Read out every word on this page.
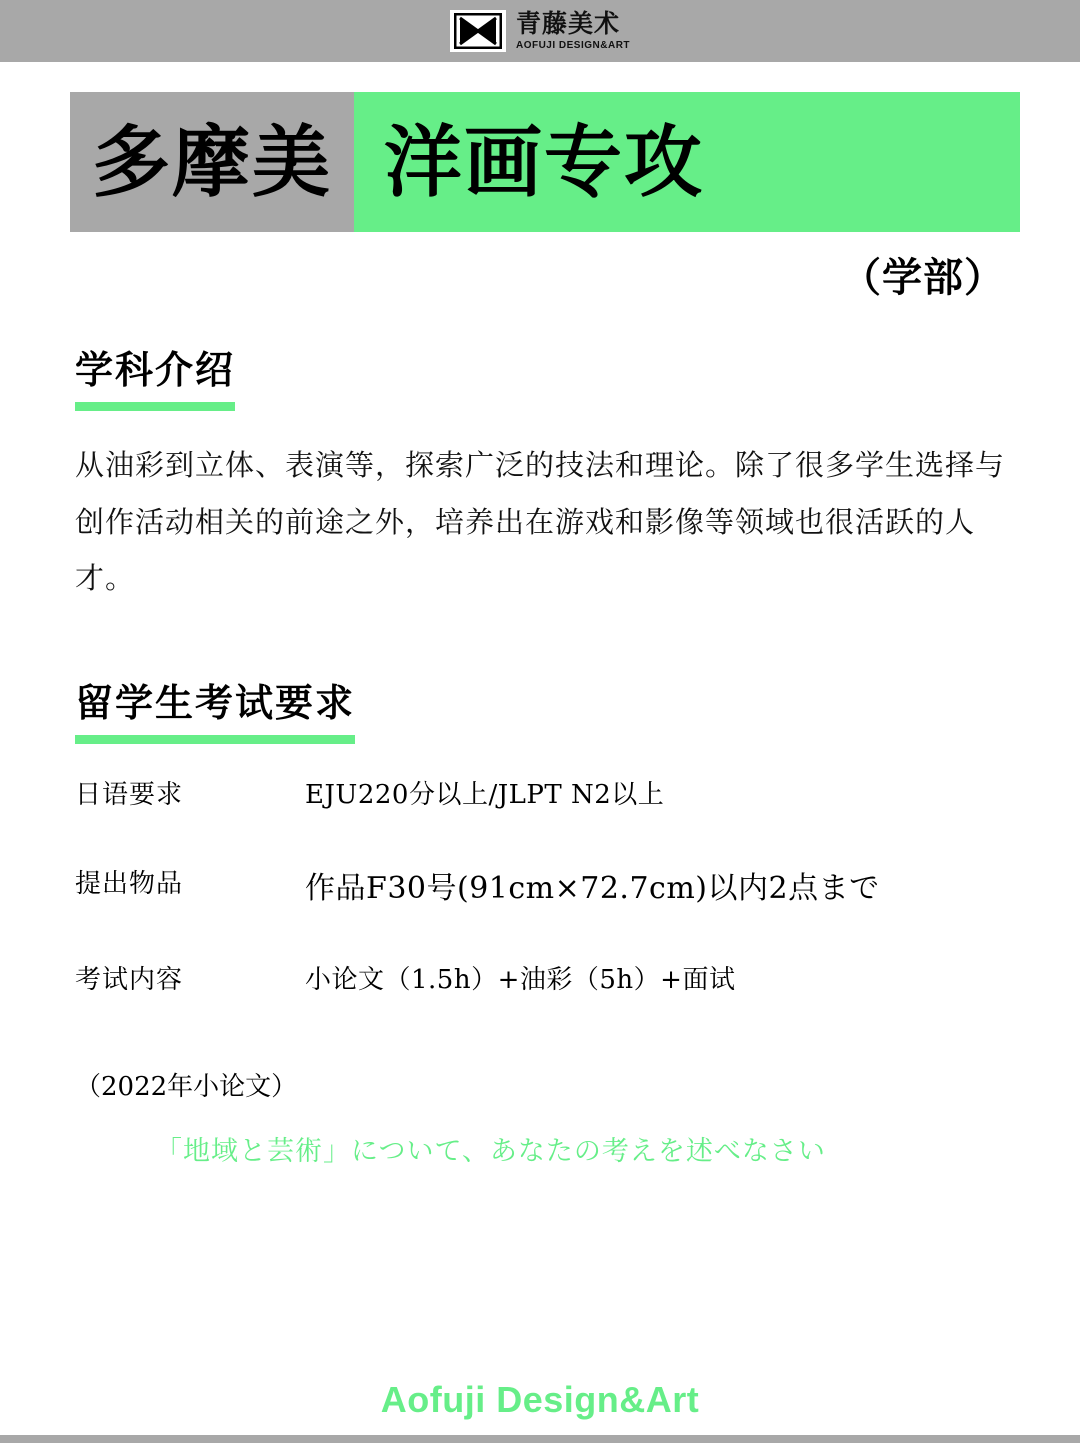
青藤美术
AOFUJI DESIGN&ART
多摩美 洋画专攻
（学部）
学科介绍

从油彩到立体、表演等，探索广泛的技法和理论。除了很多学生选择与创作活动相关的前途之外，培养出在游戏和影像等领域也很活跃的人才。

留学生考试要求
日语要求	EJU220分以上/JLPT N2以上
提出物品	作品F30号(91cm×72.7cm)以内2点まで
考试内容	小论文（1.5h）+油彩（5h）+面试
（2022年小论文）
「地域と芸術」について、あなたの考えを述べなさい
Aofuji Design&Art
